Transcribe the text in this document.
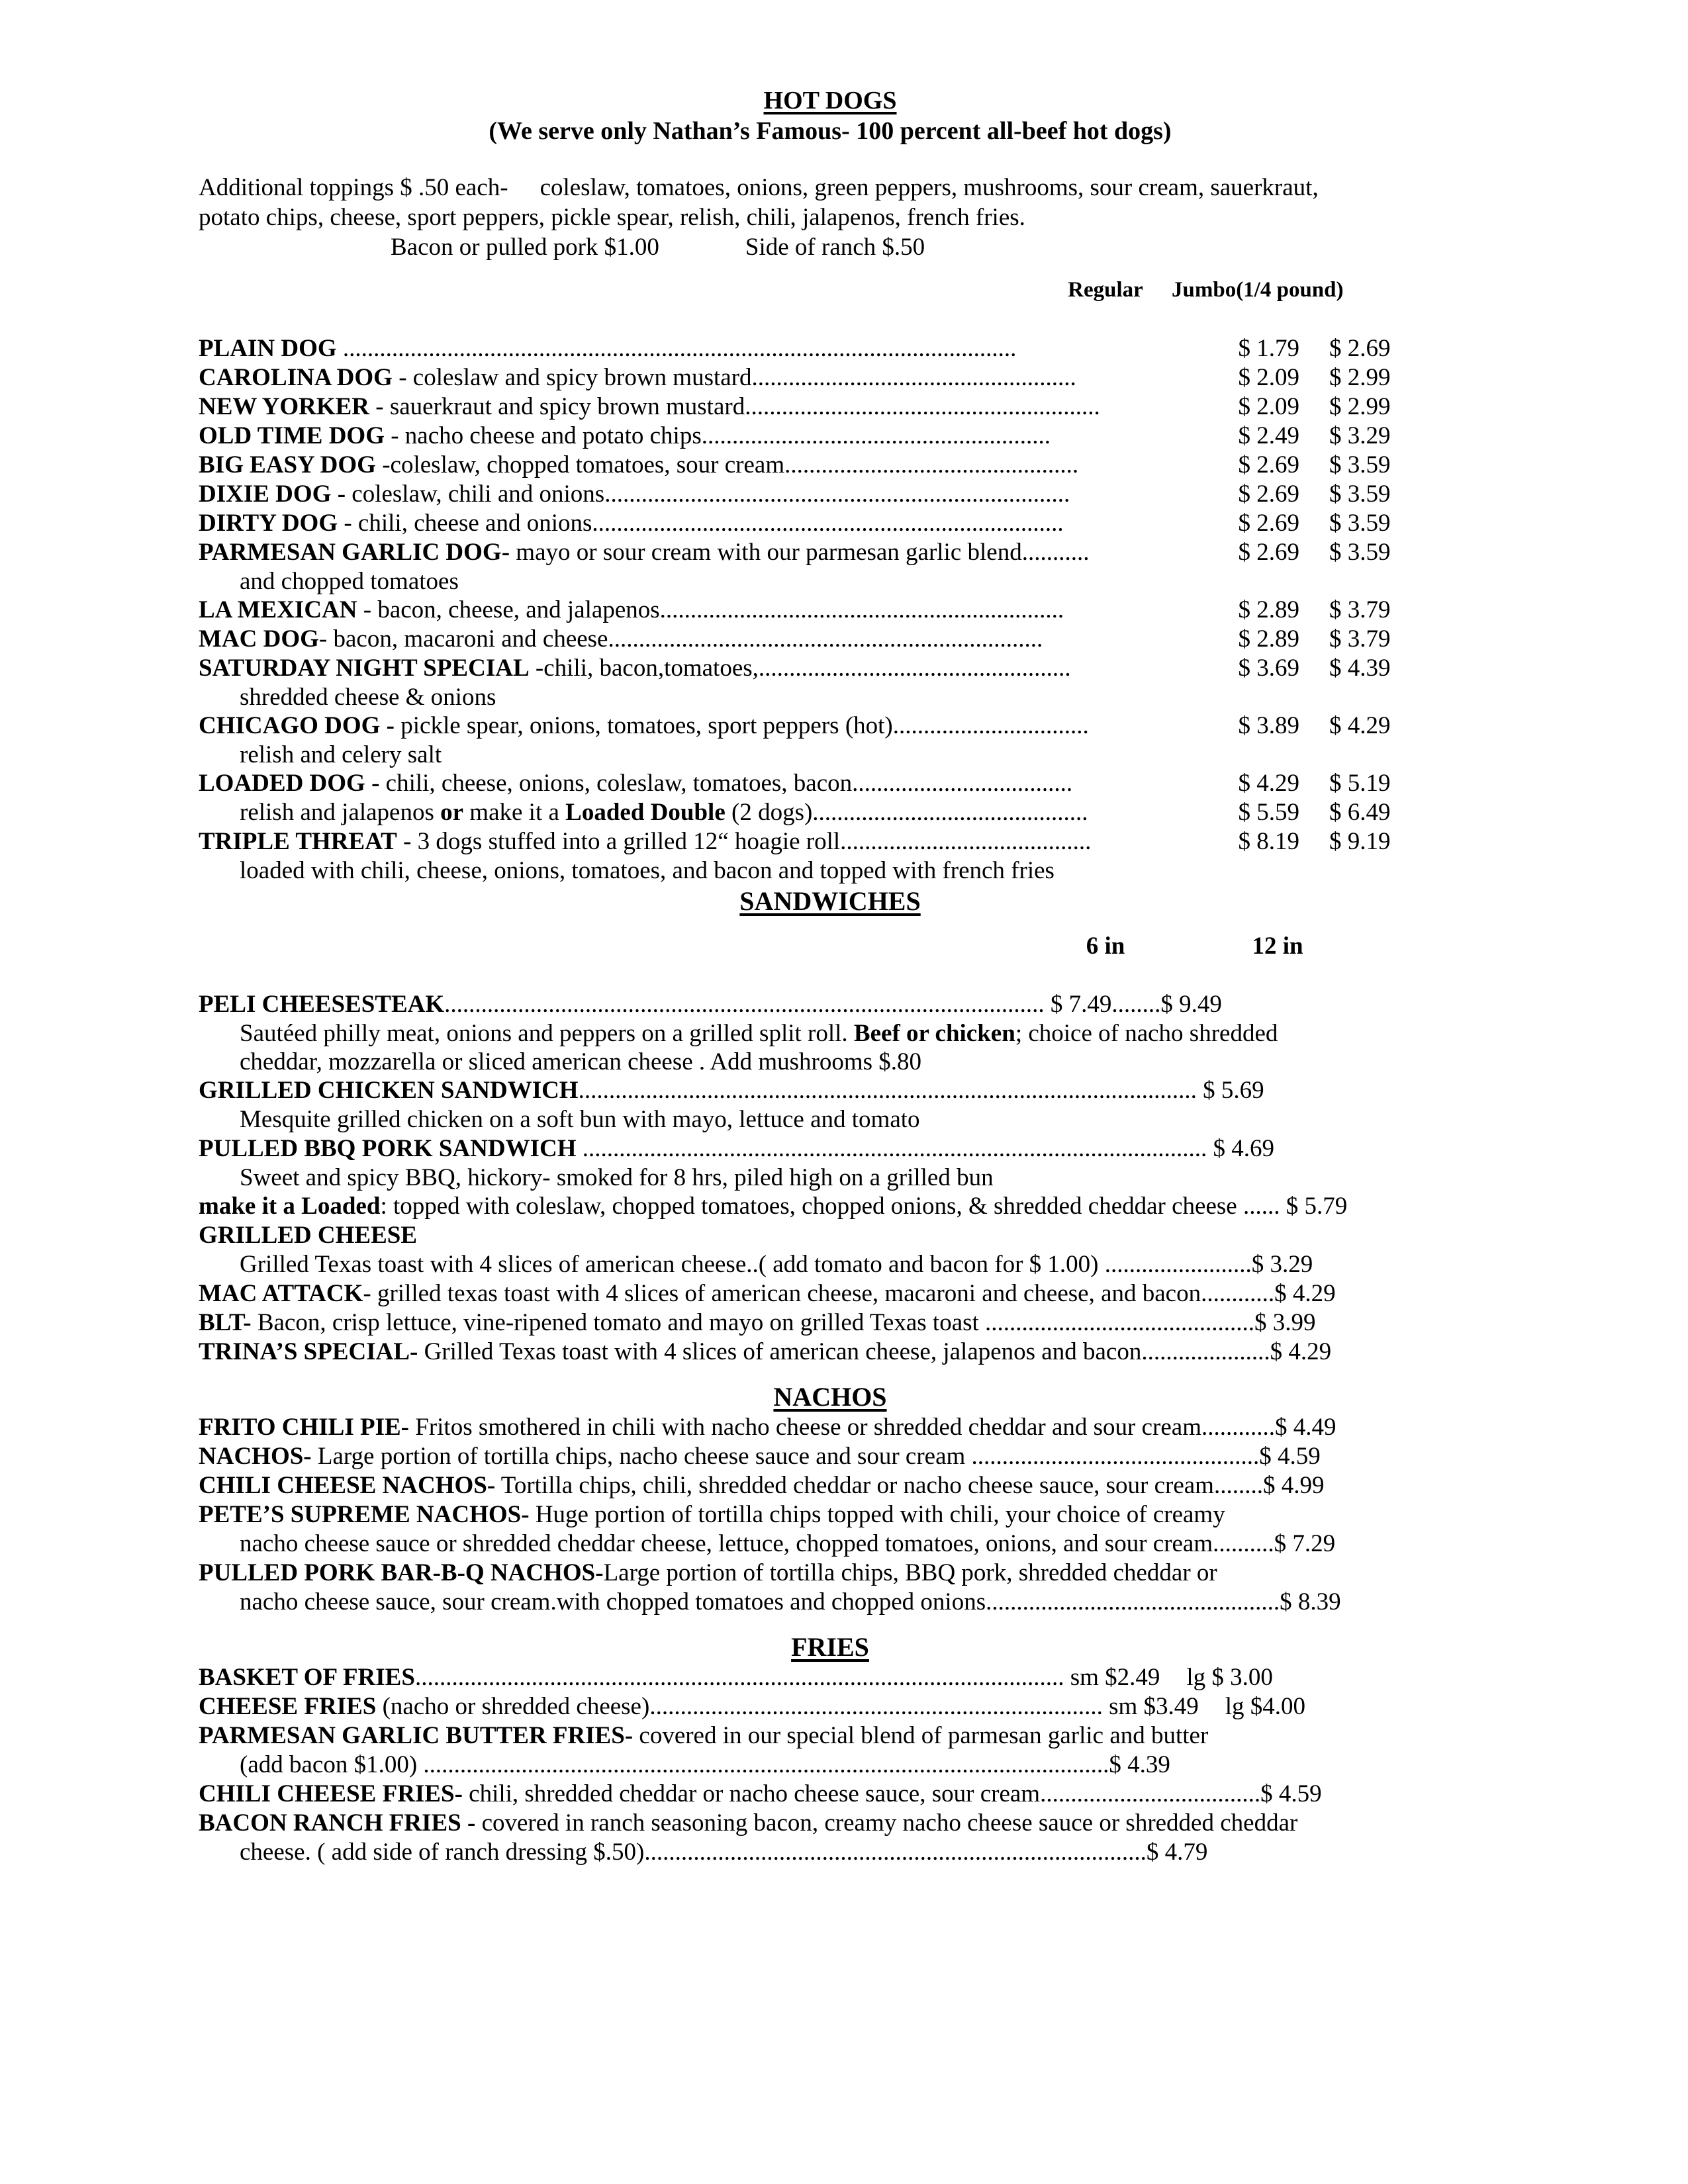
HOT DOGS
(We serve only Nathan’s Famous- 100 percent all-beef hot dogs)
Additional toppings $ .50 each- coleslaw, tomatoes, onions, green peppers, mushrooms, sour cream, sauerkraut,
potato chips, cheese, sport peppers, pickle spear, relish, chili, jalapenos, french fries.
Bacon or pulled pork $1.00	Side of ranch $.50
Regular	Jumbo(1/4 pound)
PLAIN DOG ..............................................................................................................	$ 1.79 $ 2.69
CAROLINA DOG - coleslaw and spicy brown mustard.....................................................	$ 2.09 $ 2.99
NEW YORKER - sauerkraut and spicy brown mustard..........................................................	$ 2.09 $ 2.99
OLD TIME DOG - nacho cheese and potato chips.........................................................	$ 2.49 $ 3.29
BIG EASY DOG -coleslaw, chopped tomatoes, sour cream................................................	$ 2.69 $ 3.59
DIXIE DOG - coleslaw, chili and onions............................................................................	$ 2.69 $ 3.59
DIRTY DOG - chili, cheese and onions.............................................................................	$ 2.69 $ 3.59
PARMESAN GARLIC DOG- mayo or sour cream with our parmesan garlic blend...........	$ 2.69 $ 3.59
and chopped tomatoes
LA MEXICAN - bacon, cheese, and jalapenos..................................................................	$ 2.89 $ 3.79
MAC DOG- bacon, macaroni and cheese.......................................................................	$ 2.89 $ 3.79
SATURDAY NIGHT SPECIAL -chili, bacon,tomatoes,...................................................	$ 3.69 $ 4.39
shredded cheese & onions
CHICAGO DOG - pickle spear, onions, tomatoes, sport peppers (hot)................................	$ 3.89 $ 4.29
relish and celery salt
LOADED DOG - chili, cheese, onions, coleslaw, tomatoes, bacon....................................	$ 4.29 $ 5.19
relish and jalapenos or make it a Loaded Double (2 dogs).............................................	$ 5.59 $ 6.49
TRIPLE THREAT - 3 dogs stuffed into a grilled 12“ hoagie roll.........................................	$ 8.19 $ 9.19
loaded with chili, cheese, onions, tomatoes, and bacon and topped with french fries
SANDWICHES
6 in	12 in
PELI CHEESESTEAK.................................................................................................. $ 7.49........$ 9.49
Sautéed philly meat, onions and peppers on a grilled split roll. Beef or chicken; choice of nacho shredded
cheddar, mozzarella or sliced american cheese . Add mushrooms $.80
GRILLED CHICKEN SANDWICH..................................................................................................... $ 5.69
Mesquite grilled chicken on a soft bun with mayo, lettuce and tomato
PULLED BBQ PORK SANDWICH ...................................................................................................... $ 4.69
Sweet and spicy BBQ, hickory- smoked for 8 hrs, piled high on a grilled bun
make it a Loaded: topped with coleslaw, chopped tomatoes, chopped onions, & shredded cheddar cheese ...... $ 5.79
GRILLED CHEESE
Grilled Texas toast with 4 slices of american cheese..( add tomato and bacon for $ 1.00) ........................$ 3.29
MAC ATTACK- grilled texas toast with 4 slices of american cheese, macaroni and cheese, and bacon............$ 4.29
BLT- Bacon, crisp lettuce, vine-ripened tomato and mayo on grilled Texas toast ............................................$ 3.99
TRINA’S SPECIAL- Grilled Texas toast with 4 slices of american cheese, jalapenos and bacon.....................$ 4.29
NACHOS
FRITO CHILI PIE- Fritos smothered in chili with nacho cheese or shredded cheddar and sour cream............$ 4.49
NACHOS- Large portion of tortilla chips, nacho cheese sauce and sour cream ...............................................$ 4.59
CHILI CHEESE NACHOS- Tortilla chips, chili, shredded cheddar or nacho cheese sauce, sour cream........$ 4.99
PETE’S SUPREME NACHOS- Huge portion of tortilla chips topped with chili, your choice of creamy
nacho cheese sauce or shredded cheddar cheese, lettuce, chopped tomatoes, onions, and sour cream..........$ 7.29
PULLED PORK BAR-B-Q NACHOS-Large portion of tortilla chips, BBQ pork, shredded cheddar or
nacho cheese sauce, sour cream.with chopped tomatoes and chopped onions................................................$ 8.39
FRIES
BASKET OF FRIES.......................................................................................................... sm $2.49 lg $ 3.00
CHEESE FRIES (nacho or shredded cheese).......................................................................... sm $3.49 lg $4.00
PARMESAN GARLIC BUTTER FRIES- covered in our special blend of parmesan garlic and butter
(add bacon $1.00) ................................................................................................................$ 4.39
CHILI CHEESE FRIES- chili, shredded cheddar or nacho cheese sauce, sour cream....................................$ 4.59
BACON RANCH FRIES - covered in ranch seasoning bacon, creamy nacho cheese sauce or shredded cheddar
cheese. ( add side of ranch dressing $.50)..................................................................................$ 4.79
